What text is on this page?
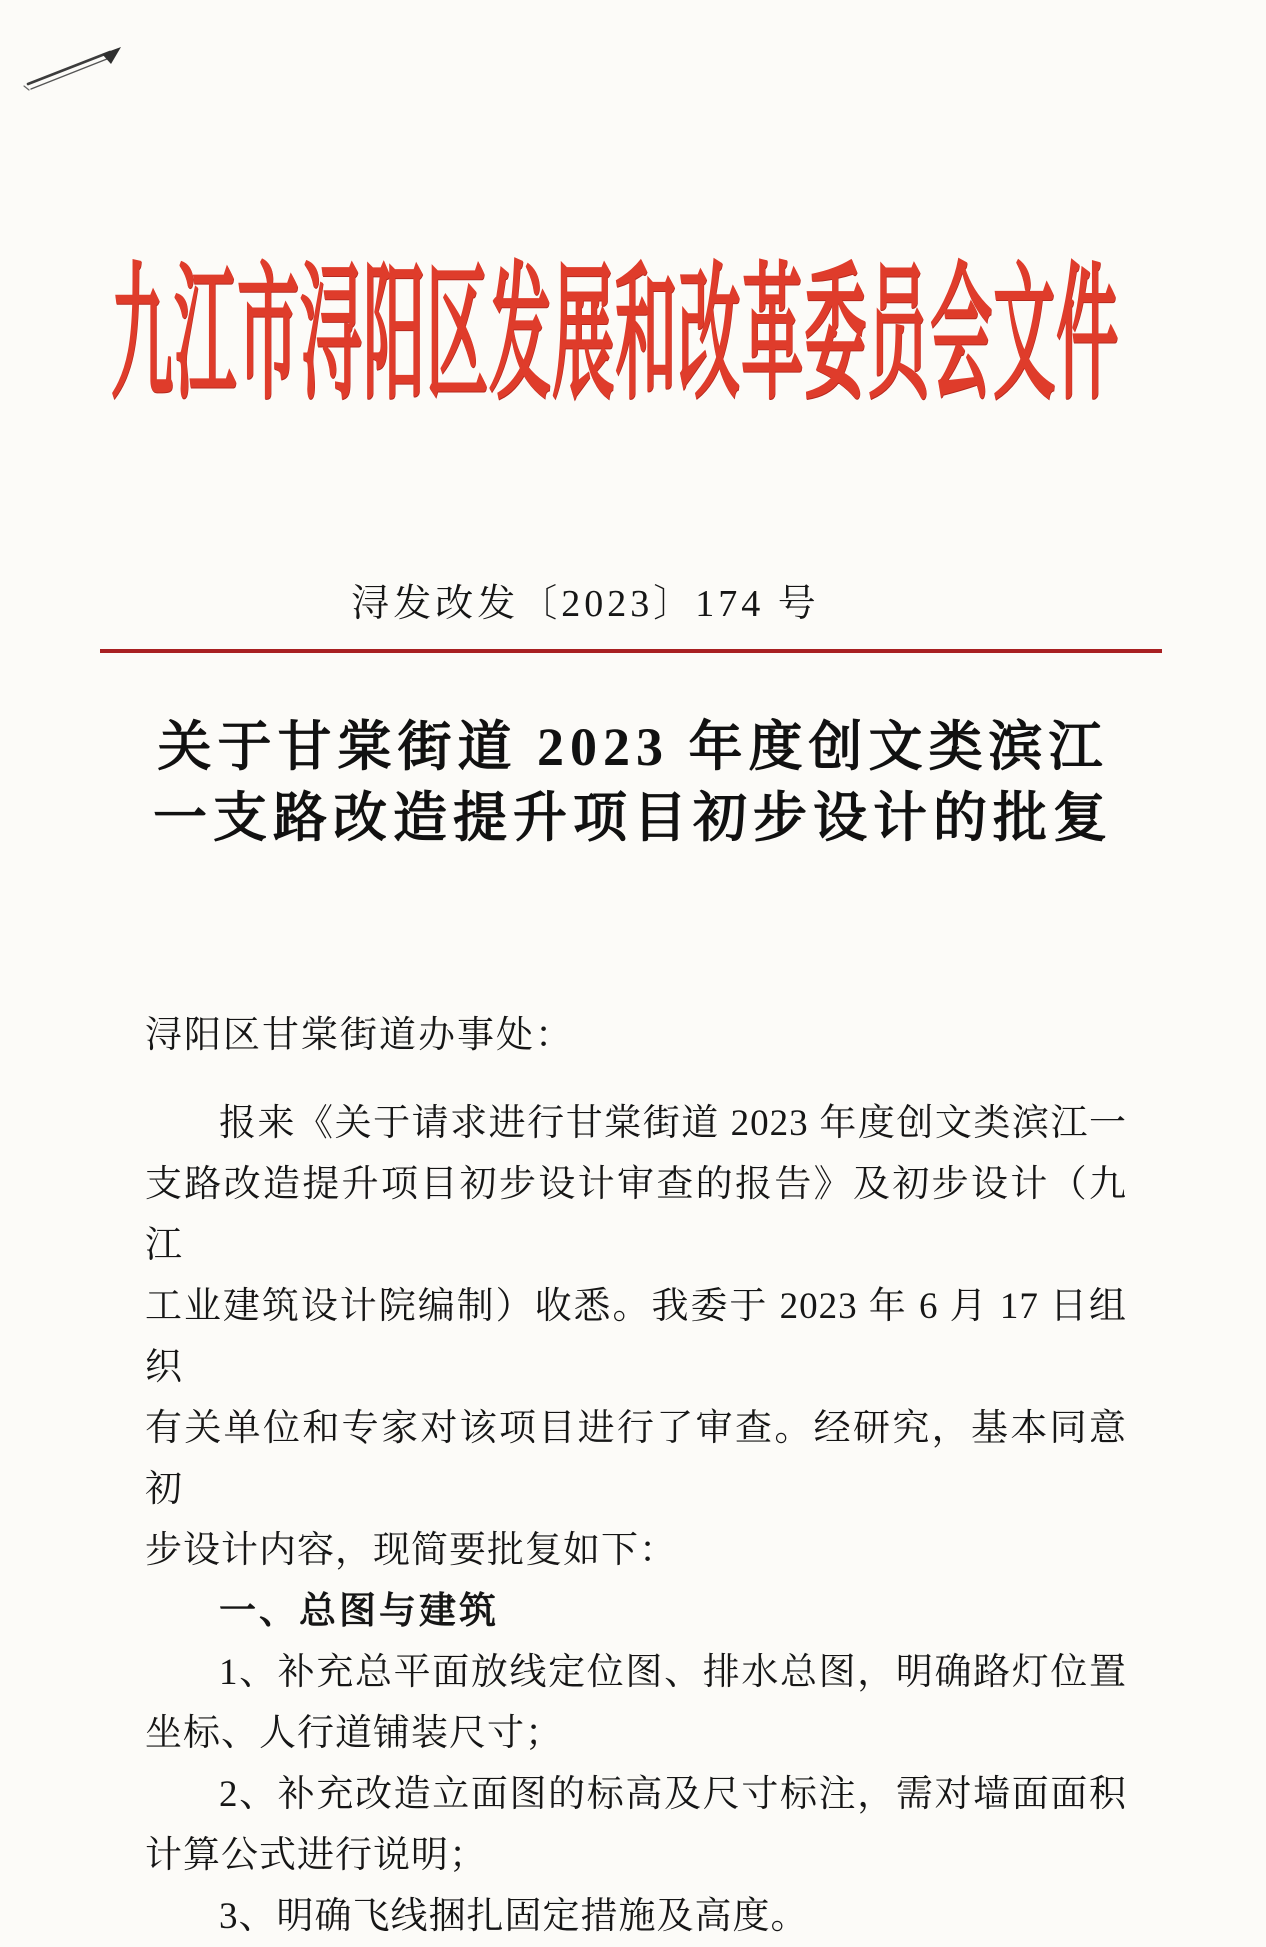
九江市浔阳区发展和改革委员会文件
浔发改发〔2023〕174 号
关于甘棠街道 2023 年度创文类滨江
一支路改造提升项目初步设计的批复
浔阳区甘棠街道办事处：
报来《关于请求进行甘棠街道 2023 年度创文类滨江一
支路改造提升项目初步设计审查的报告》及初步设计（九江
工业建筑设计院编制）收悉。我委于 2023 年 6 月 17 日组织
有关单位和专家对该项目进行了审查。经研究，基本同意初
步设计内容，现简要批复如下：
一、总图与建筑
1、补充总平面放线定位图、排水总图，明确路灯位置
坐标、人行道铺装尺寸；
2、补充改造立面图的标高及尺寸标注，需对墙面面积
计算公式进行说明；
3、明确飞线捆扎固定措施及高度。
